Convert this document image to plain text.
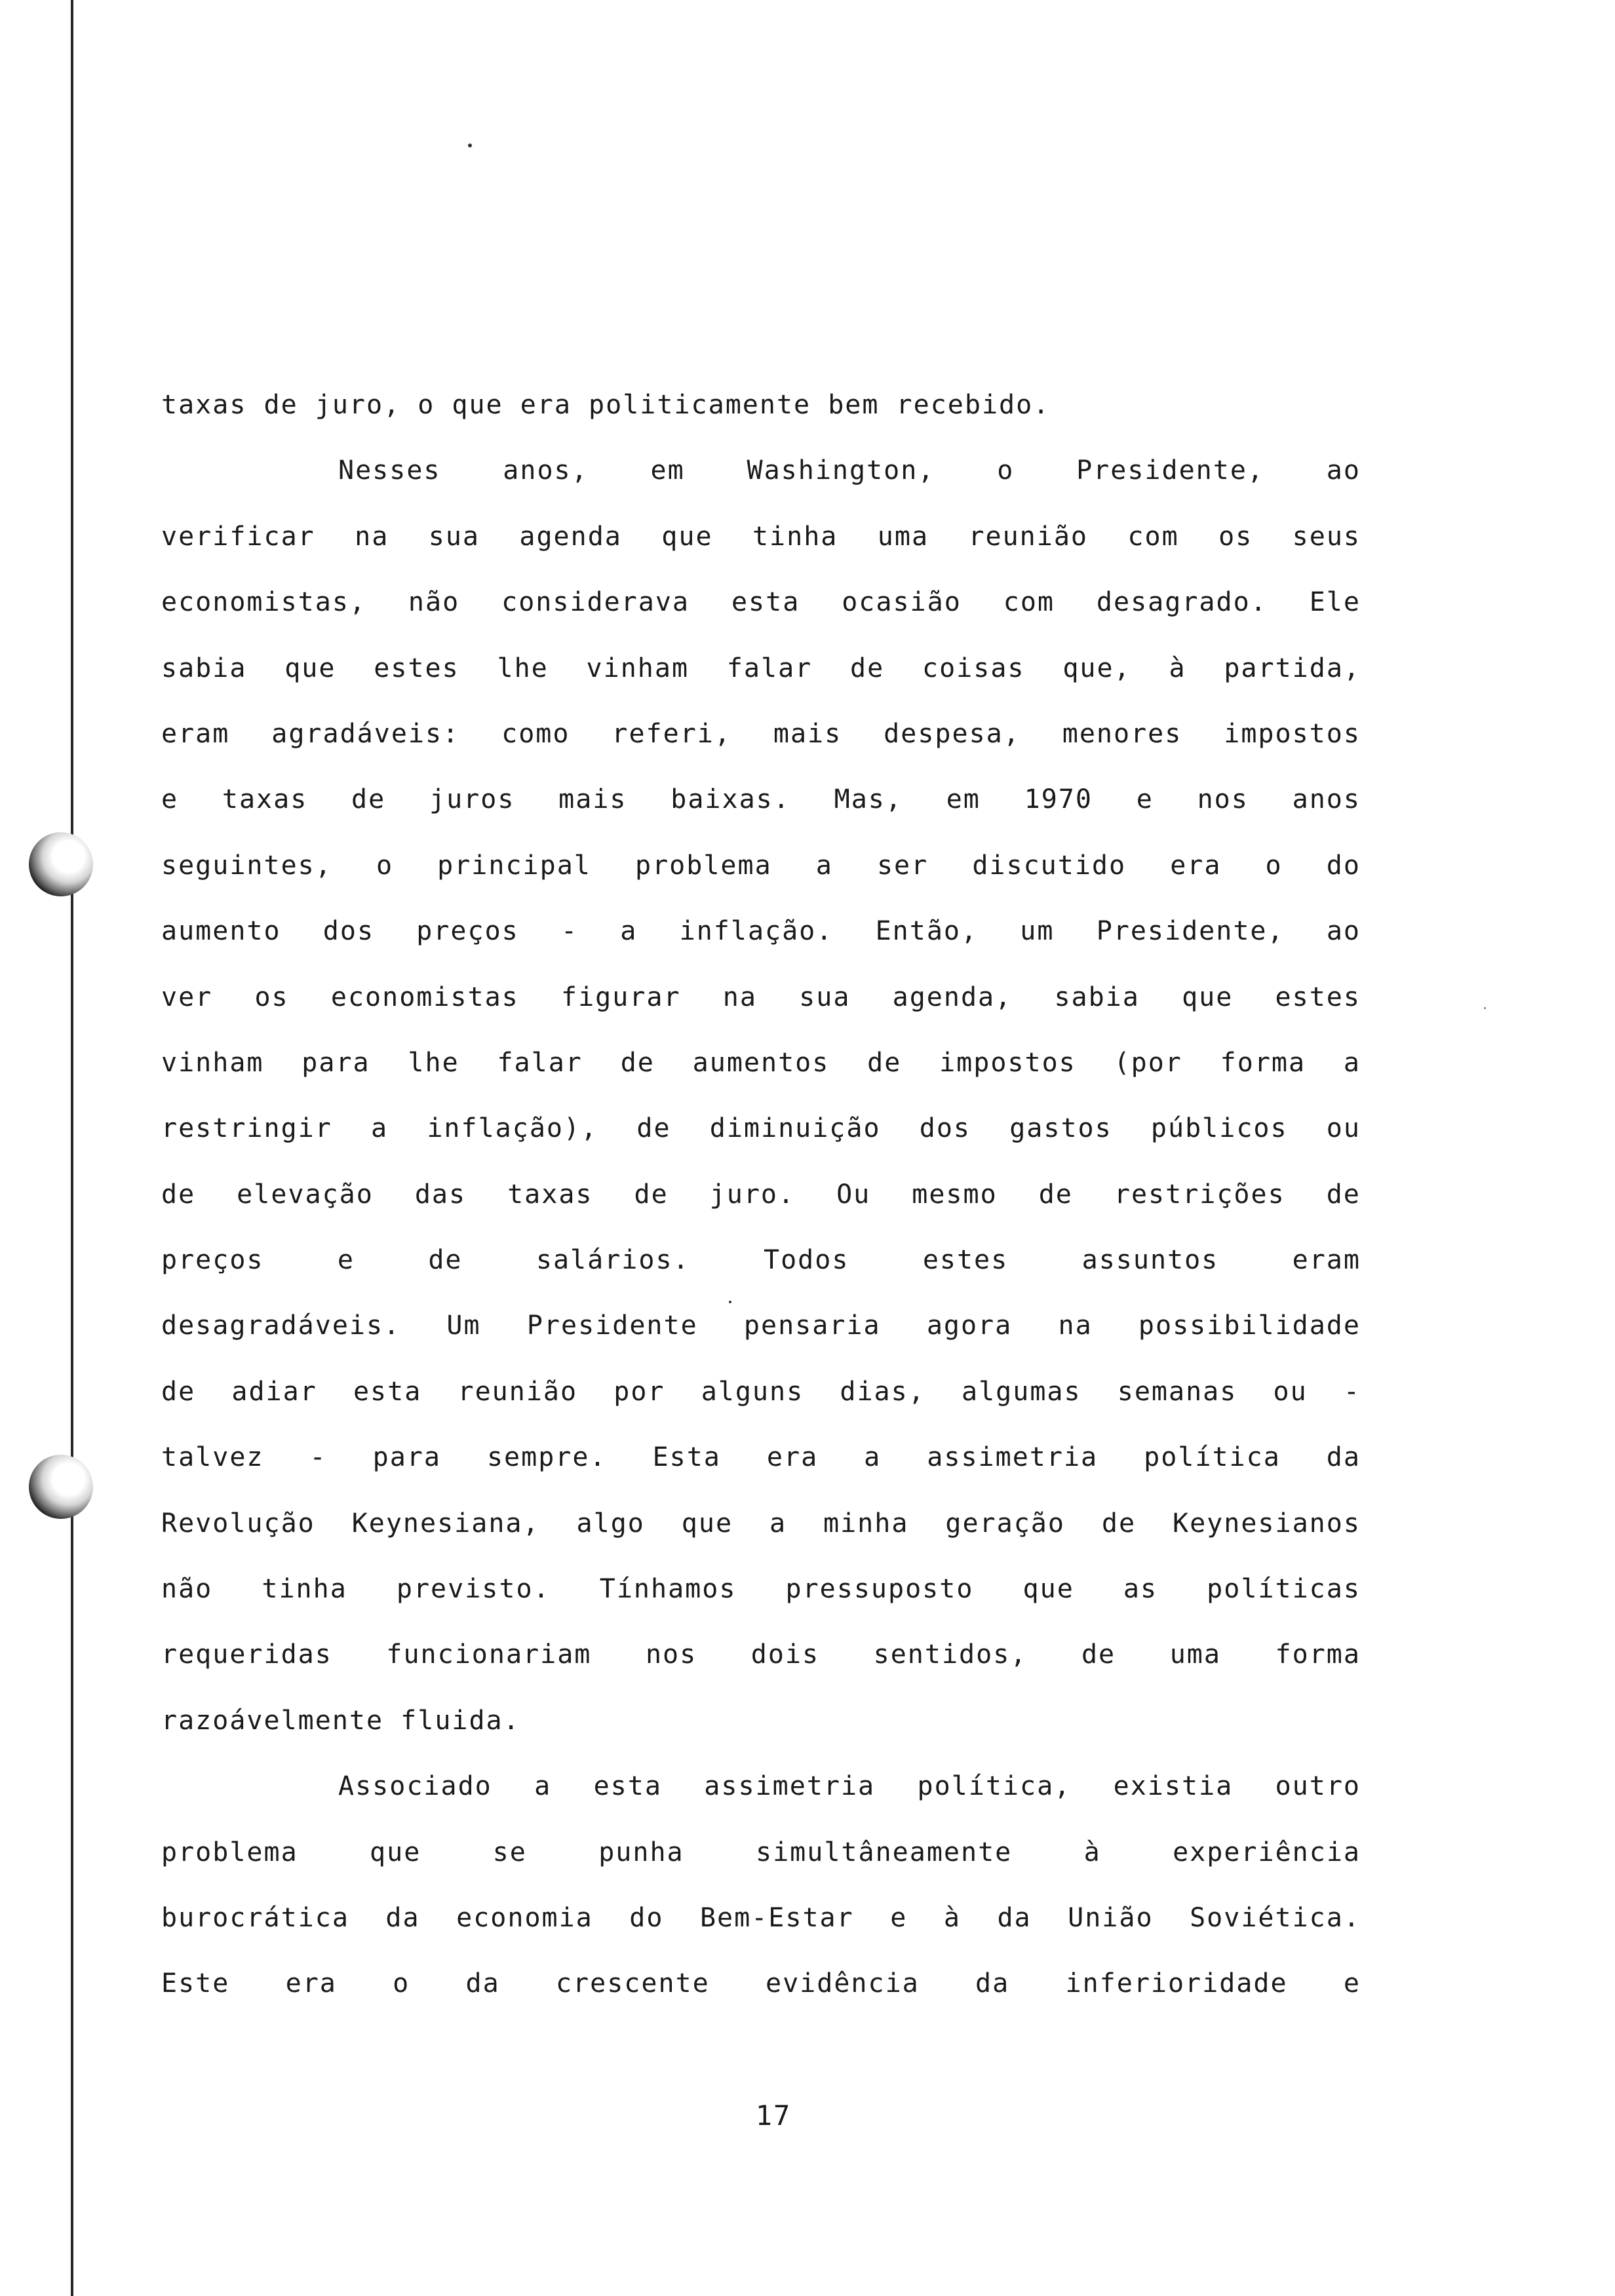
taxas de juro, o que era politicamente bem recebido.
Nesses anos, em Washington, o Presidente, ao
verificar na sua agenda que tinha uma reunião com os seus
economistas, não considerava esta ocasião com desagrado. Ele
sabia que estes lhe vinham falar de coisas que, à partida,
eram agradáveis: como referi, mais despesa, menores impostos
e taxas de juros mais baixas. Mas, em 1970 e nos anos
seguintes, o principal problema a ser discutido era o do
aumento dos preços - a inflação. Então, um Presidente, ao
ver os economistas figurar na sua agenda, sabia que estes
vinham para lhe falar de aumentos de impostos (por forma a
restringir a inflação), de diminuição dos gastos públicos ou
de elevação das taxas de juro. Ou mesmo de restrições de
preços	e	de	salários.	Todos	estes	assuntos	eram
desagradáveis. Um Presidente pensaria agora na possibilidade
de adiar esta reunião por alguns dias, algumas semanas ou -
talvez - para sempre. Esta era a assimetria política da
Revolução Keynesiana, algo que a minha geração de Keynesianos
não tinha previsto. Tínhamos pressuposto que as políticas
requeridas funcionariam nos dois sentidos, de uma forma
razoávelmente fluida.
Associado a esta assimetria política, existia outro
problema	que	se	punha	simultâneamente	à	experiência
burocrática da economia do Bem-Estar e à da União Soviética.
Este era o da crescente evidência da inferioridade e
17
